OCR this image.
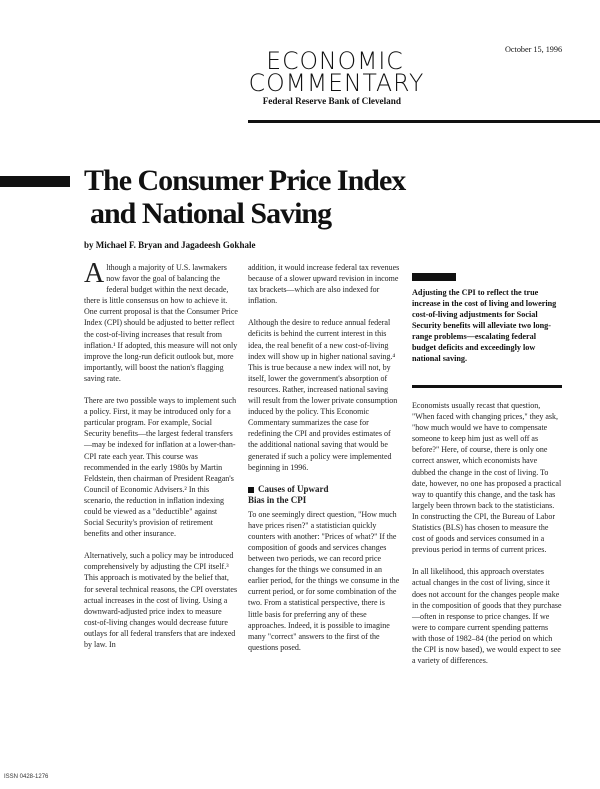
October 15, 1996
ECONOMIC
COMMENTARY
Federal Reserve Bank of Cleveland
The Consumer Price Index
and National Saving
by Michael F. Bryan and Jagadeesh Gokhale

Although a majority of U.S. lawmakers now favor the goal of balancing the federal budget within the next decade, there is little consensus on how to achieve it. One current proposal is that the Consumer Price Index (CPI) should be adjusted to better reflect the cost-of-living increases that result from inflation.¹ If adopted, this measure will not only improve the long-run deficit outlook but, more importantly, will boost the nation's flagging saving rate.

There are two possible ways to implement such a policy. First, it may be introduced only for a particular program. For example, Social Security benefits—the largest federal transfers—may be indexed for inflation at a lower-than-CPI rate each year. This course was recommended in the early 1980s by Martin Feldstein, then chairman of President Reagan's Council of Economic Advisers.² In this scenario, the reduction in inflation indexing could be viewed as a "deductible" against Social Security's provision of retirement benefits and other insurance.

Alternatively, such a policy may be introduced comprehensively by adjusting the CPI itself.³ This approach is motivated by the belief that, for several technical reasons, the CPI overstates actual increases in the cost of living. Using a downward-adjusted price index to measure cost-of-living changes would decrease future outlays for all federal transfers that are indexed by law. In

addition, it would increase federal tax revenues because of a slower upward revision in income tax brackets—which are also indexed for inflation.

Although the desire to reduce annual federal deficits is behind the current interest in this idea, the real benefit of a new cost-of-living index will show up in higher national saving.⁴ This is true because a new index will not, by itself, lower the government's absorption of resources. Rather, increased national saving will result from the lower private consumption induced by the policy. This Economic Commentary summarizes the case for redefining the CPI and provides estimates of the additional national saving that would be generated if such a policy were implemented beginning in 1996.

Causes of Upward
Bias in the CPI

To one seemingly direct question, "How much have prices risen?" a statistician quickly counters with another: "Prices of what?" If the composition of goods and services changes between two periods, we can record price changes for the things we consumed in an earlier period, for the things we consume in the current period, or for some combination of the two. From a statistical perspective, there is little basis for preferring any of these approaches. Indeed, it is possible to imagine many "correct" answers to the first of the questions posed.

Adjusting the CPI to reflect the true increase in the cost of living and lowering cost-of-living adjustments for Social Security benefits will alleviate two long-range problems—escalating federal budget deficits and exceedingly low national saving.

Economists usually recast that question, "When faced with changing prices," they ask, "how much would we have to compensate someone to keep him just as well off as before?" Here, of course, there is only one correct answer, which economists have dubbed the change in the cost of living. To date, however, no one has proposed a practical way to quantify this change, and the task has largely been thrown back to the statisticians. In constructing the CPI, the Bureau of Labor Statistics (BLS) has chosen to measure the cost of goods and services consumed in a previous period in terms of current prices.

In all likelihood, this approach overstates actual changes in the cost of living, since it does not account for the changes people make in the composition of goods that they purchase—often in response to price changes. If we were to compare current spending patterns with those of 1982–84 (the period on which the CPI is now based), we would expect to see a variety of differences.

ISSN 0428-1276
